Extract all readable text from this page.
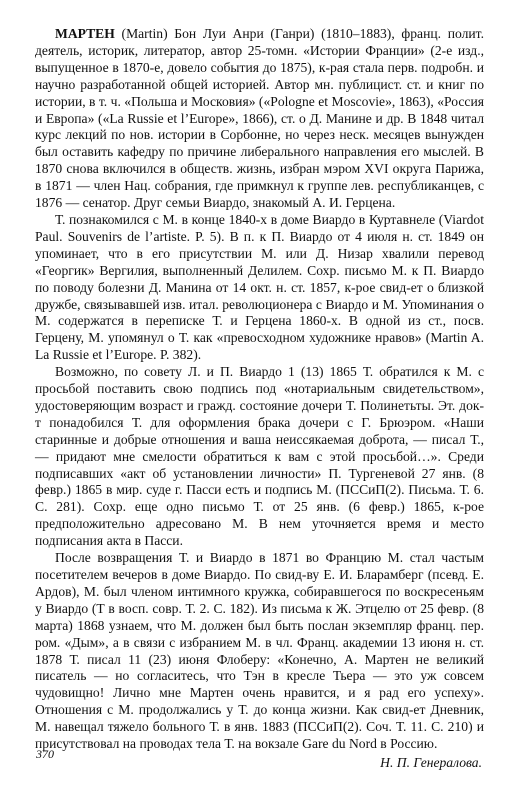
МАРТЕН (Martin) Бон Луи Анри (Ганри) (1810–1883), франц. полит. деятель, историк, литератор, автор 25-томн. «Истории Франции» (2-е изд., выпущенное в 1870-е, довело события до 1875), к-рая стала перв. подробн. и научно разработанной общей историей. Автор мн. публицист. ст. и книг по истории, в т. ч. «Польша и Московия» («Pologne et Moscovie», 1863), «Россия и Европа» («La Russie et l’Europe», 1866), ст. о Д. Манине и др. В 1848 читал курс лекций по нов. истории в Сорбонне, но через неск. месяцев вынужден был оставить кафедру по причине либерального направления его мыслей. В 1870 снова включился в обществ. жизнь, избран мэром XVI округа Парижа, в 1871 — член Нац. собрания, где примкнул к группе лев. республиканцев, с 1876 — сенатор. Друг семьи Виардо, знакомый А. И. Герцена.

Т. познакомился с М. в конце 1840-х в доме Виардо в Куртавнеле (Viardot Paul. Souvenirs de l’artiste. P. 5). В п. к П. Виардо от 4 июля н. ст. 1849 он упоминает, что в его присутствии М. или Д. Низар хвалили перевод «Георгик» Вергилия, выполненный Делилем. Сохр. письмо М. к П. Виардо по поводу болезни Д. Манина от 14 окт. н. ст. 1857, к-рое свид-ет о близкой дружбе, связывавшей изв. итал. революционера с Виардо и М. Упоминания о М. содержатся в переписке Т. и Герцена 1860-х. В одной из ст., посв. Герцену, М. упомянул о Т. как «превосходном художнике нравов» (Martin A. La Russie et l’Europe. P. 382).

Возможно, по совету Л. и П. Виардо 1 (13) 1865 Т. обратился к М. с просьбой поставить свою подпись под «нотариальным свидетельством», удостоверяющим возраст и гражд. состояние дочери Т. Полинетьты. Эт. док-т понадобился Т. для оформления брака дочери с Г. Брюэром. «Наши старинные и добрые отношения и ваша неиссякаемая доброта, — писал Т., — придают мне смелости обратиться к вам с этой просьбой…». Среди подписавших «акт об установлении личности» П. Тургеневой 27 янв. (8 февр.) 1865 в мир. суде г. Пасси есть и подпись М. (ПССиП(2). Письма. Т. 6. С. 281). Сохр. еще одно письмо Т. от 25 янв. (6 февр.) 1865, к-рое предположительно адресовано М. В нем уточняется время и место подписания акта в Пасси.

После возвращения Т. и Виардо в 1871 во Францию М. стал частым посетителем вечеров в доме Виардо. По свид-ву Е. И. Бларамберг (псевд. Е. Ардов), М. был членом интимного кружка, собиравшегося по воскресеньям у Виардо (Т в восп. совр. Т. 2. С. 182). Из письма к Ж. Этцелю от 25 февр. (8 марта) 1868 узнаем, что М. должен был быть послан экземпляр франц. пер. ром. «Дым», а в связи с избранием М. в чл. Франц. академии 13 июня н. ст. 1878 Т. писал 11 (23) июня Флоберу: «Конечно, А. Мартен не великий писатель — но согласитесь, что Тэн в кресле Тьера — это уж совсем чудовищно! Лично мне Мартен очень нравится, и я рад его успеху». Отношения с М. продолжались у Т. до конца жизни. Как свид-ет Дневник, М. навещал тяжело больного Т. в янв. 1883 (ПССиП(2). Соч. Т. 11. С. 210) и присутствовал на проводах тела Т. на вокзале Gare du Nord в Россию.

Н. П. Генералова.

370
